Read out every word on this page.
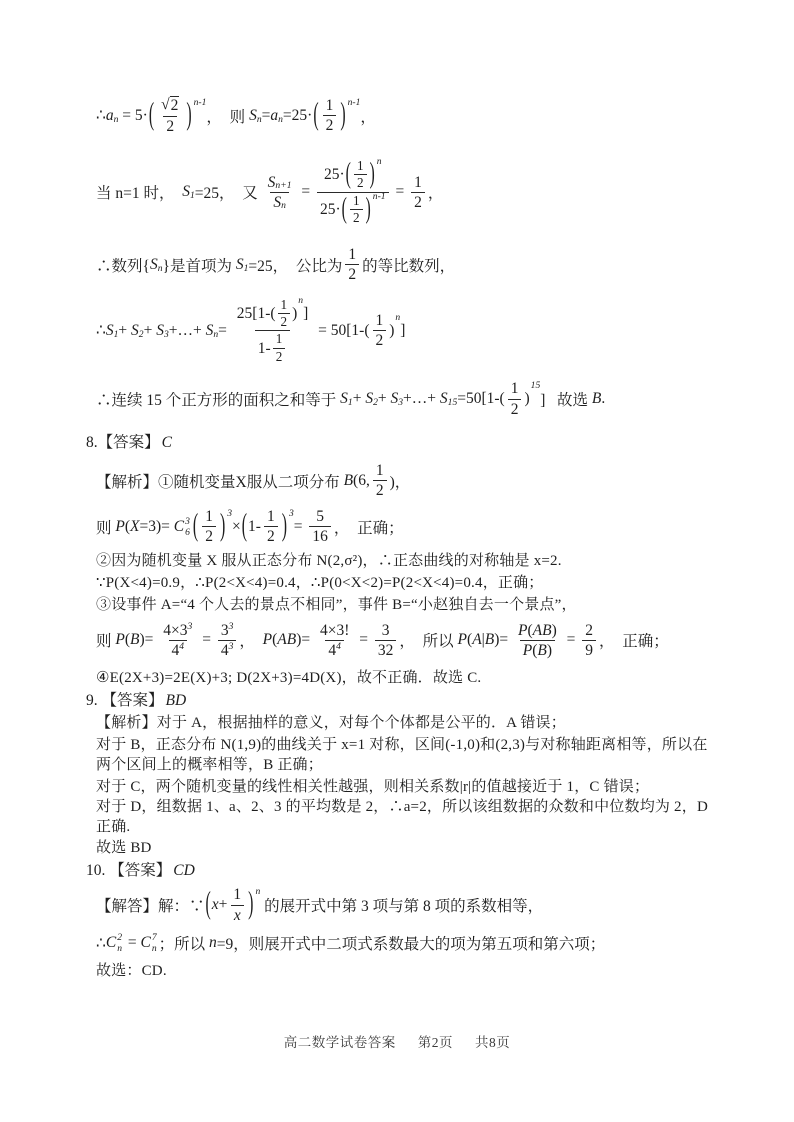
∴ a n = 5· ( $\frac{√ 2}{2}$ ) n-1
，  则 S n = a n =25· ( $\frac{1}{2}$ ) n-1
，
当 n=1 时， S 1 =25，  又 $\frac{\text{S n+1}}{\text{S n}} = \frac{25\cdot ( \frac{1}{2} ) n}{25\cdot ( \frac{1}{2} ) n-1} = \frac{1}{2}$ ，
∴数列{ S n }是首项为 S 1 =25，  公比为 $\frac{1}{2}$ 的等比数列，
∴ S 1 + S 2 + S 3 +…+ S $n = 25[1-( \frac{1}{2}$ )
n
]
$1- \frac{1}{2} = 50[1-( \frac{1}{2}$ )
n
]
∴连续 15 个正方形的面积之和等于 S 1 + S 2 + S 3 +…+ S $15 =50[1-( \frac{1}{2}$ )
15
]   故选 B .

8.【答案】 C

【解析】①随机变量X服从二项分布 B (6, $\frac{1}{2}$ )，
则 P ( X =3)= C 3
6 ( $\frac{1}{2}$ ) 3
× ( $1- \frac{1}{2}$ ) 3
= $\frac{5}{16}$ ，  正确；

②因为随机变量 X 服从正态分布 N(2,σ²)，∴正态曲线的对称轴是 x=2.

∵P(X<4)=0.9，∴P(2<X<4)=0.4，∴P(0<X<2)=P(2<X<4)=0.4，正确；

③设事件 A=“4 个人去的景点不相同”，事件 B=“小赵独自去一个景点”，

则 P ( B )= $\frac{4\times 3 3}{4 4} = \frac{3 3}{4 3}$ ， P ( AB )= $\frac{4\times 3!}{4 4} = \frac{3}{32}$ ，  所以 P ( A | B )= $\frac{P ( AB )}{P ( B )} = \frac{2}{9}$ ，  正确；

④E(2X+3)=2E(X)+3; D(2X+3)=4D(X)，故不正确．故选 C.

9. 【答案】 BD

【解析】对于 A，根据抽样的意义，对每个个体都是公平的．A 错误；

对于 B，正态分布 N(1,9)的曲线关于 x=1 对称，区间(-1,0)和(2,3)与对称轴距离相等，所以在两个区间上的概率相等，B 正确；

对于 C，两个随机变量的线性相关性越强，则相关系数|r|的值越接近于 1，C 错误；

对于 D，组数据 1、a、2、3 的平均数是 2，∴a=2，所以该组数据的众数和中位数均为 2，D 正确.

故选 BD

10. 【答案】 CD

【解答】解：∵ ( $x + \frac{1}{x}$ ) n
的展开式中第 3 项与第 8 项的系数相等，
∴ C 2
n = C 7
n ；所以 n =9，则展开式中二项式系数最大的项为第五项和第六项；

故选：CD.

高二数学试卷答案 第2页 共8页
